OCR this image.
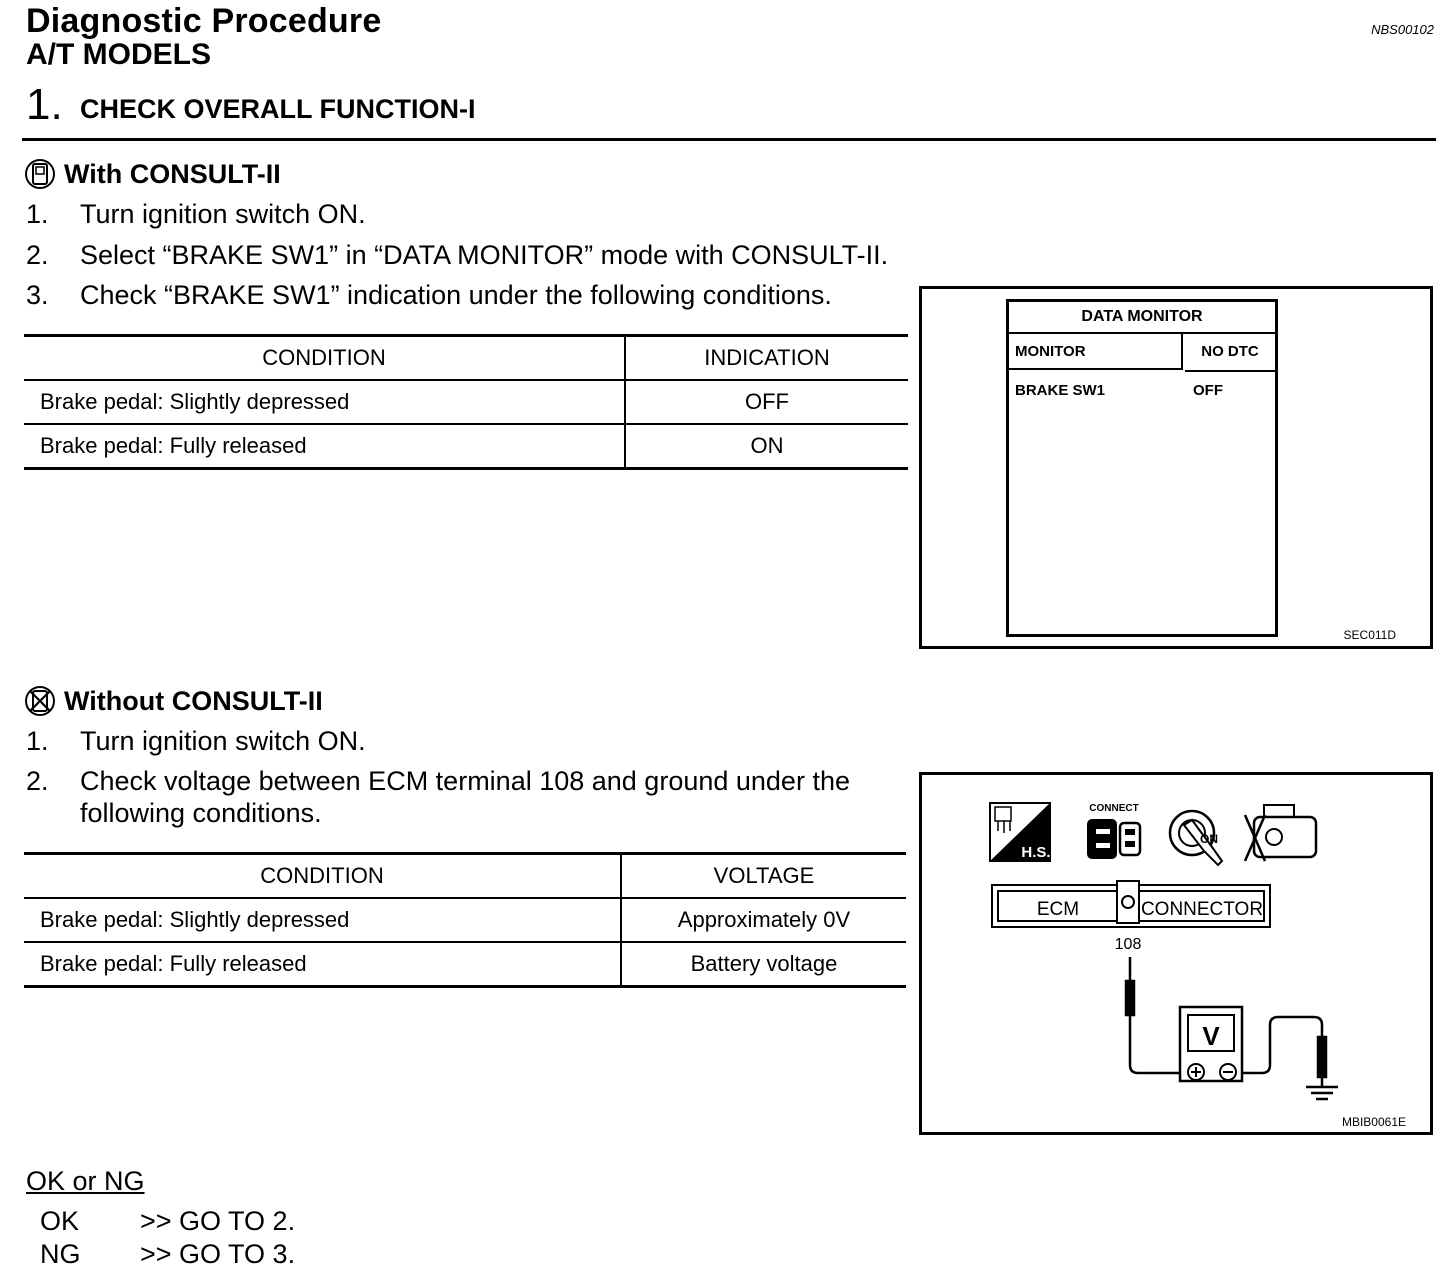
Diagnostic Procedure
A/T MODELS
NBS00102
1. CHECK OVERALL FUNCTION-I
With CONSULT-II
1. Turn ignition switch ON.
2. Select “BRAKE SW1” in “DATA MONITOR” mode with CONSULT-II.
3. Check “BRAKE SW1” indication under the following conditions.
CONDITION	INDICATION
Brake pedal: Slightly depressed	OFF
Brake pedal: Fully released	ON
DATA MONITOR
MONITOR	NO DTC
BRAKE SW1	OFF
SEC011D
Without CONSULT-II
1. Turn ignition switch ON.
2. Check voltage between ECM terminal 108 and ground under the
following conditions.
CONDITION	VOLTAGE
Brake pedal: Slightly depressed	Approximately 0V
Brake pedal: Fully released	Battery voltage
H.S.
CONNECT
ON
ECM	CONNECTOR
108
V
MBIB0061E
OK or NG
OK >> GO TO 2.
NG >> GO TO 3.
